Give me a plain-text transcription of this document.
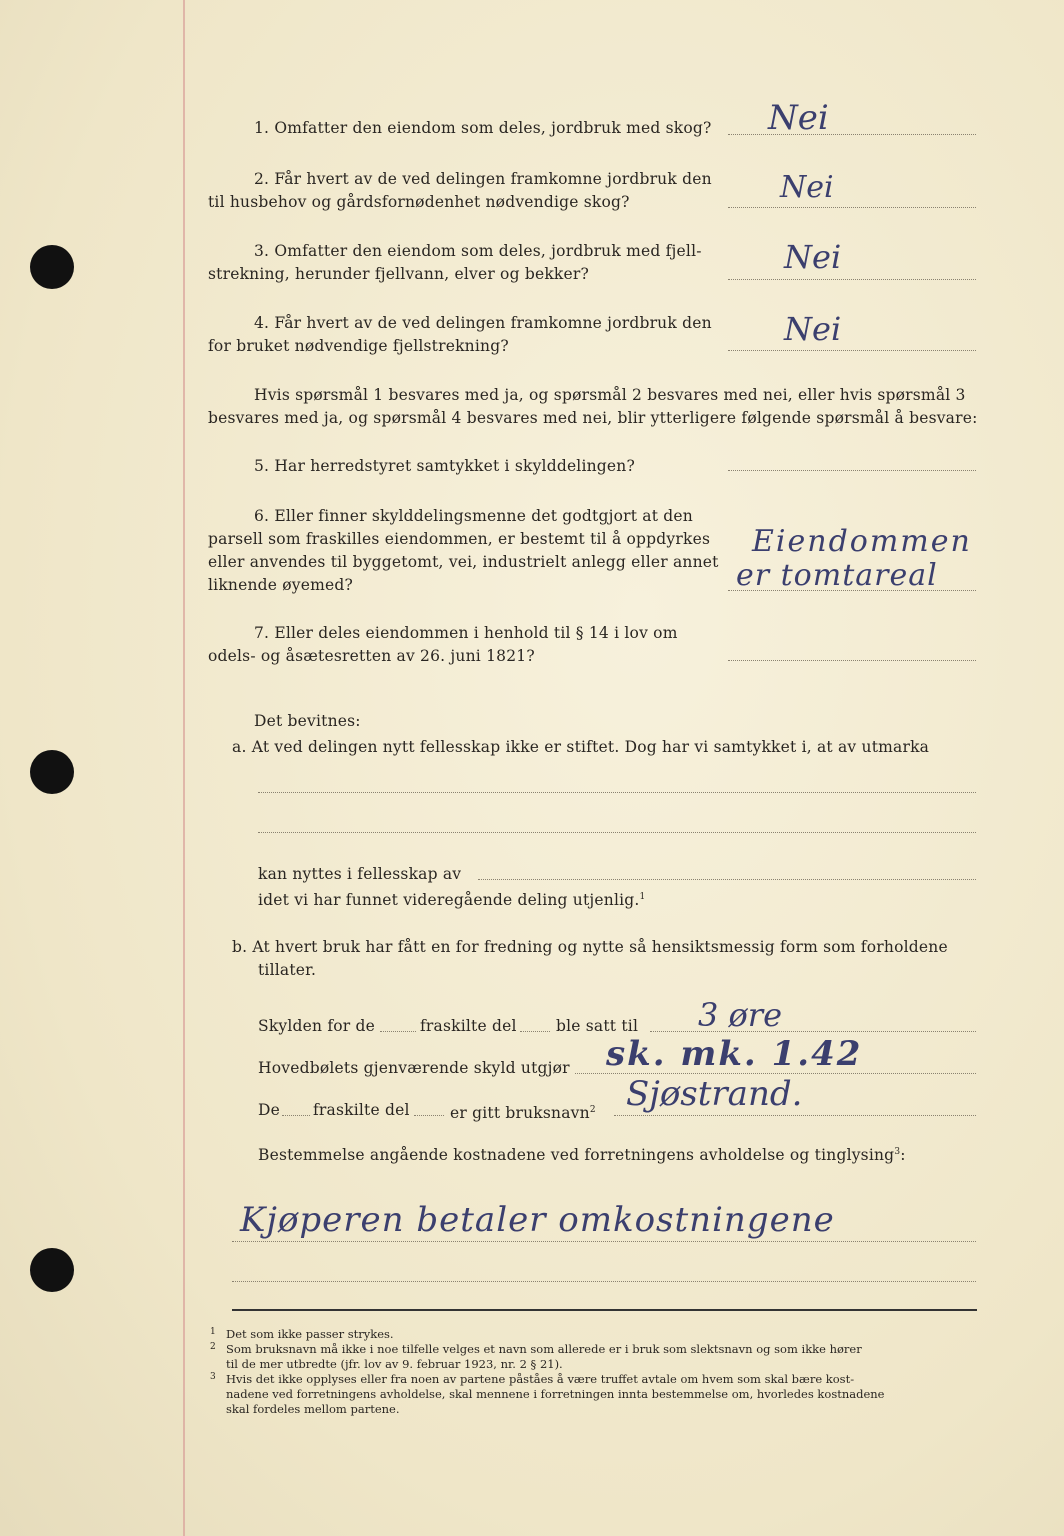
1. Omfatter den eiendom som deles, jordbruk med skog? Nei
2. Får hvert av de ved delingen framkomne jordbruk den
til husbehov og gårdsfornødenhet nødvendige skog?	Nei
3. Omfatter den eiendom som deles, jordbruk med fjell-
strekning, herunder fjellvann, elver og bekker?	Nei
4. Får hvert av de ved delingen framkomne jordbruk den
for bruket nødvendige fjellstrekning?	Nei
Hvis spørsmål 1 besvares med ja, og spørsmål 2 besvares med nei, eller hvis spørsmål 3
besvares med ja, og spørsmål 4 besvares med nei, blir ytterligere følgende spørsmål å besvare:
5. Har herredstyret samtykket i skylddelingen?
6. Eller finner skylddelingsmenne det godtgjort at den
parsell som fraskilles eiendommen, er bestemt til å oppdyrkes
eller anvendes til byggetomt, vei, industrielt anlegg eller annet
liknende øyemed?
Eiendommen
er tomtareal
7. Eller deles eiendommen i henhold til § 14 i lov om
odels- og åsætesretten av 26. juni 1821?
Det bevitnes:
a. At ved delingen nytt fellesskap ikke er stiftet. Dog har vi samtykket i, at av utmarka
kan nyttes i fellesskap av
idet vi har funnet videregående deling utjenlig.$^1$
b. At hvert bruk har fått en for fredning og nytte så hensiktsmessig form som forholdene
tillater.
Skylden for de	fraskilte del	ble satt til 3 øre
Hovedbølets gjenværende skyld utgjør sk. mk. 1.42
De fraskilte del	er gitt bruksnavn$^2$ Sjøstrand.
Bestemmelse angående kostnadene ved forretningens avholdelse og tinglysing$^3$:
Kjøperen betaler omkostningene
1 Det som ikke passer strykes.
2 Som bruksnavn må ikke i noe tilfelle velges et navn som allerede er i bruk som slektsnavn og som ikke hører
til de mer utbredte (jfr. lov av 9. februar 1923, nr. 2 § 21).
3 Hvis det ikke opplyses eller fra noen av partene påståes å være truffet avtale om hvem som skal bære kost-
nadene ved forretningens avholdelse, skal mennene i forretningen innta bestemmelse om, hvorledes kostnadene
skal fordeles mellom partene.
